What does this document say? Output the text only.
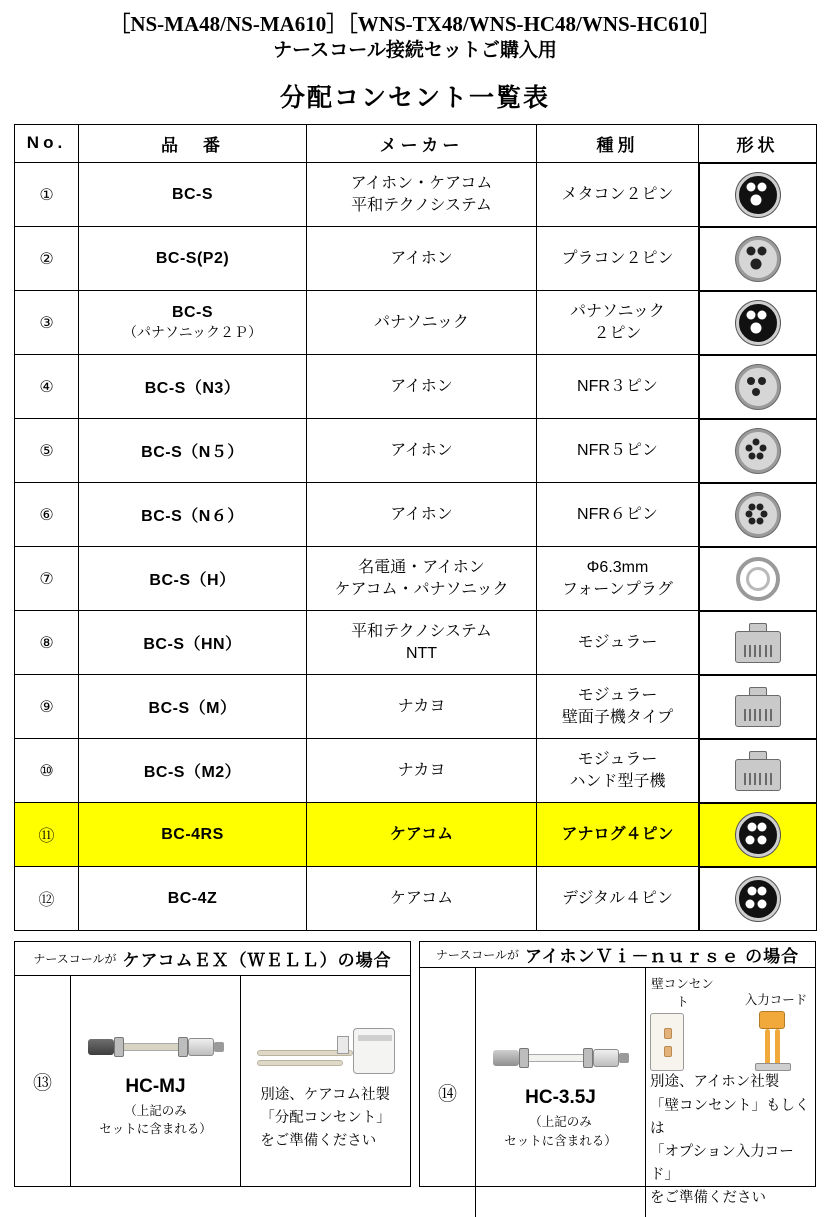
［NS-MA48/NS-MA610］［WNS-TX48/WNS-HC48/WNS-HC610］
ナースコール接続セットご購入用
分配コンセント一覧表
No.	品　番	メーカー	種別	形状
①	BC-S	アイホン・ケアコム
平和テクノシステム	メタコン２ピン	

②	BC-S(P2)	アイホン	プラコン２ピン	

③	BC-S
（パナソニック２Ｐ）	パナソニック	パナソニック
２ピン	

④	BC-S（N3）	アイホン	NFR３ピン	

⑤	BC-S（N５）	アイホン	NFR５ピン	

⑥	BC-S（N６）	アイホン	NFR６ピン	

⑦	BC-S（H）	名電通・アイホン
ケアコム・パナソニック	Φ6.3mm
フォーンプラグ	

⑧	BC-S（HN）	平和テクノシステム
NTT	モジュラー	

⑨	BC-S（M）	ナカヨ	モジュラー
壁面子機タイプ	

⑩	BC-S（M2）	ナカヨ	モジュラー
ハンド型子機	

⑪	BC-4RS	ケアコム	アナログ４ピン	

⑫	BC-4Z	ケアコム	デジタル４ピン	
ナースコールが ケアコムＥＸ（ＷＥＬＬ）の場合
⑬	HC-MJ
（上記のみ
セットに含まれる）
別途、ケアコム社製
「分配コンセント」
をご準備ください
ナースコールが アイホンＶｉ－ｎｕｒｓｅ の場合
⑭	HC-3.5J
（上記のみ
セットに含まれる）
壁コンセント	入力コード
別途、アイホン社製
「壁コンセント」もしくは
「オプション入力コード」
をご準備ください
